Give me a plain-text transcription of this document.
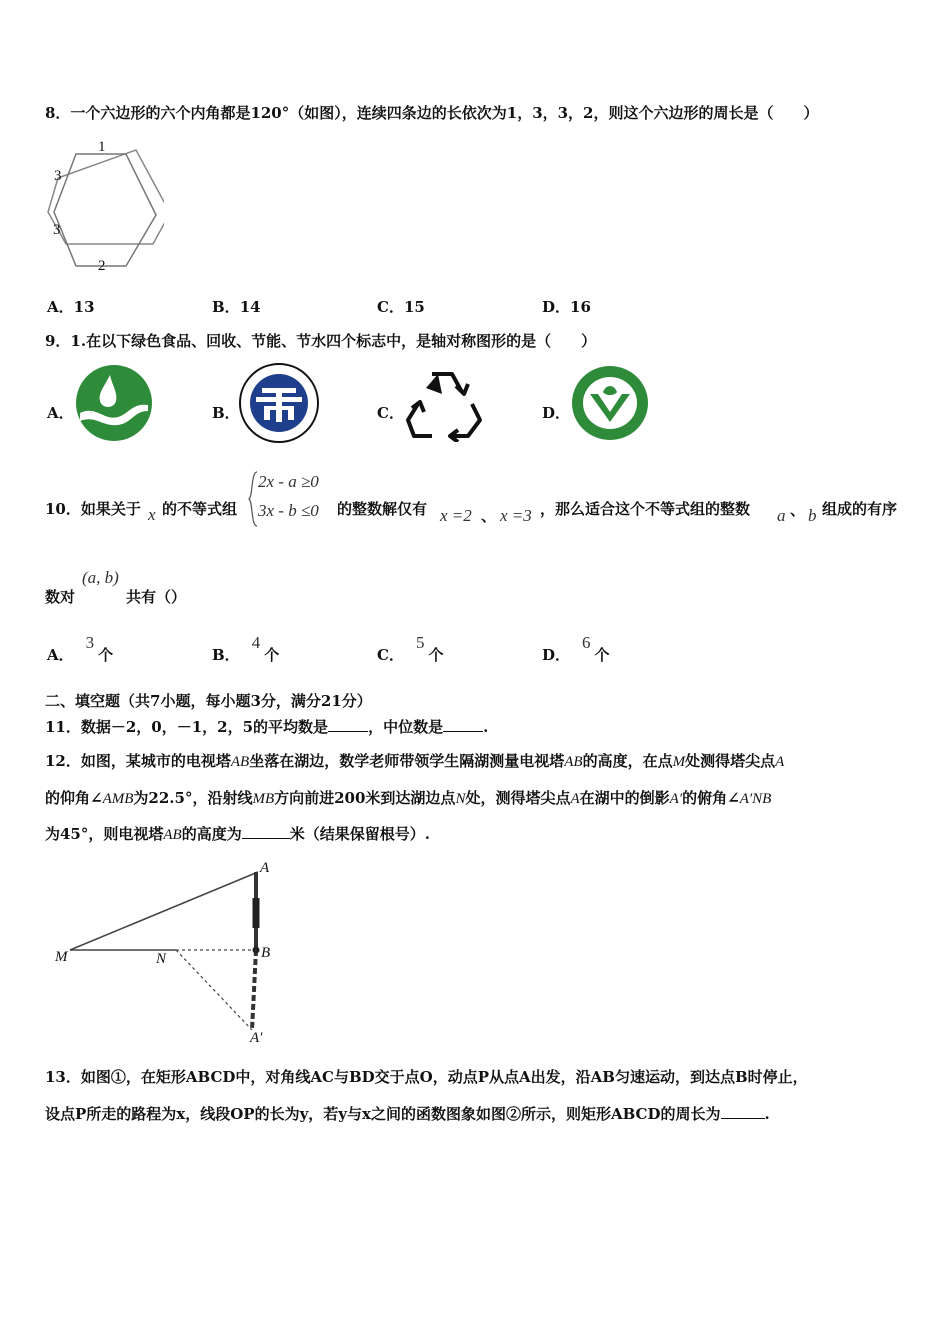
8．一个六边形的六个内角都是120°（如图），连续四条边的长依次为1，3，3，2，则这个六边形的周长是（　　）
1
3
3
2
A．13	B．14	C．15	D．16
9．1.在以下绿色食品、回收、节能、节水四个标志中，是轴对称图形的是（　　）
A．	B．	C．	D．
10．如果关于 x 的不等式组
2x - a ≥0
3x - b ≤0 的整数解仅有 x =2 、 x =3 ，那么适合这个不等式组的整数 a 、 b 组成的有序
数对
(a, b)
共有（）
A．3个	B．4个	C．5个	D．6个
二、填空题（共7小题，每小题3分，满分21分）
11．数据－2，0，－1，2，5的平均数是	，中位数是	.
12．如图，某城市的电视塔AB坐落在湖边，数学老师带领学生隔湖测量电视塔AB的高度，在点M处测得塔尖点A
的仰角∠AMB为22.5°，沿射线MB方向前进200米到达湖边点N处，测得塔尖点A在湖中的倒影A′的俯角∠A′NB
为45°，则电视塔AB的高度为	米（结果保留根号）.
A
B
M	N
A′
13．如图①，在矩形ABCD中，对角线AC与BD交于点O，动点P从点A出发，沿AB匀速运动，到达点B时停止，
设点P所走的路程为x，线段OP的长为y，若y与x之间的函数图象如图②所示，则矩形ABCD的周长为	.
